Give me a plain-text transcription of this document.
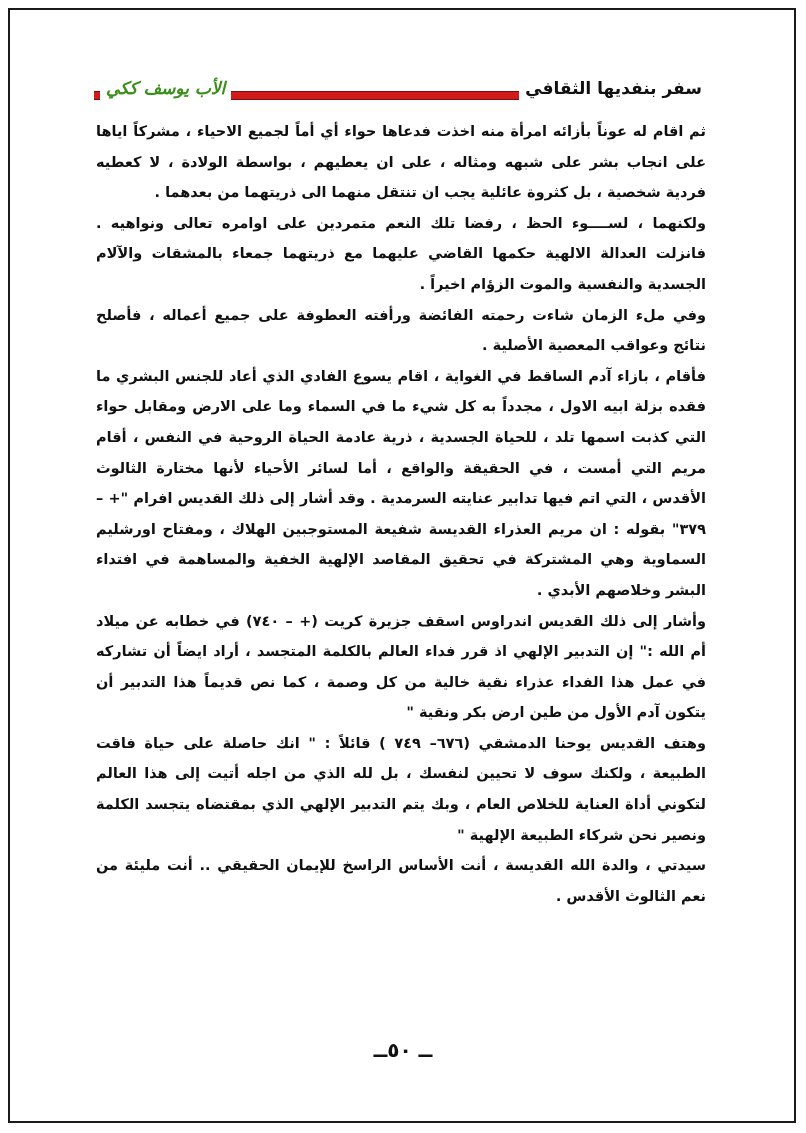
سفر بنفديها الثقافي
الأب يوسف ككي

ثم اقام له عوناً بأزائه امرأة منه اخذت فدعاها حواء أي أماً لجميع الاحياء ، مشركاً اياها على انجاب بشر على شبهه ومثاله ، على ان يعطيهم ، بواسطة الولادة ، لا كعطيه فردية شخصية ، بل كثروة عائلية يجب ان تنتقل منهما الى ذريتهما من بعدهما .

ولكنهما ، لســــوء الحظ ، رفضا تلك النعم متمردين على اوامره تعالى ونواهيه . فانزلت العدالة الالهية حكمها القاضي عليهما مع ذريتهما جمعاء بالمشقات والآلام الجسدية والنفسية والموت الزؤام اخيراً .

وفي ملء الزمان شاءت رحمته الفائضة ورأفته العطوفة على جميع أعماله ، فأصلح نتائج وعواقب المعصية الأصلية .

فأقام ، بازاء آدم الساقط في الغواية ، اقام يسوع الفادي الذي أعاد للجنس البشري ما فقده بزلة ابيه الاول ، مجدداً به كل شيء ما في السماء وما على الارض ومقابل حواء التي كذبت اسمها تلد ، للحياة الجسدية ، ذرية عادمة الحياة الروحية في النفس ، أقام مريم التي أمست ، في الحقيقة والواقع ، أما لسائر الأحياء لأنها مختارة الثالوث الأقدس ، التي اتم فيها تدابير عنايته السرمدية . وقد أشار إلى ذلك القديس افرام "+ – ٣٧٩" بقوله : ان مريم العذراء القديسة شفيعة المستوجبين الهلاك ، ومفتاح اورشليم السماوية وهي المشتركة في تحقيق المقاصد الإلهية الخفية والمساهمة في افتداء البشر وخلاصهم الأبدي .

وأشار إلى ذلك القديس اندراوس اسقف جزيرة كريت (+ – ٧٤٠) في خطابه عن ميلاد أم الله :" إن التدبير الإلهي اذ قرر فداء العالم بالكلمة المتجسد ، أراد ايضاً أن تشاركه في عمل هذا الفداء عذراء نقية خالية من كل وصمة ، كما نص قديماً هذا التدبير أن يتكون آدم الأول من طين ارض بكر ونقية "

وهتف القديس يوحنا الدمشقي (٦٧٦– ٧٤٩ ) قائلاً : " انك حاصلة على حياة فاقت الطبيعة ، ولكنك سوف لا تحيين لنفسك ، بل لله الذي من اجله أتيت إلى هذا العالم لتكوني أداة العناية للخلاص العام ، وبك يتم التدبير الإلهي الذي بمقتضاه يتجسد الكلمة ونصير نحن شركاء الطبيعة الإلهية "

سيدتي ، والدة الله القديسة ، أنت الأساس الراسخ للإيمان الحقيقي .. أنت مليئة من نعم الثالوث الأقدس .

ــ ٥٠ــ
